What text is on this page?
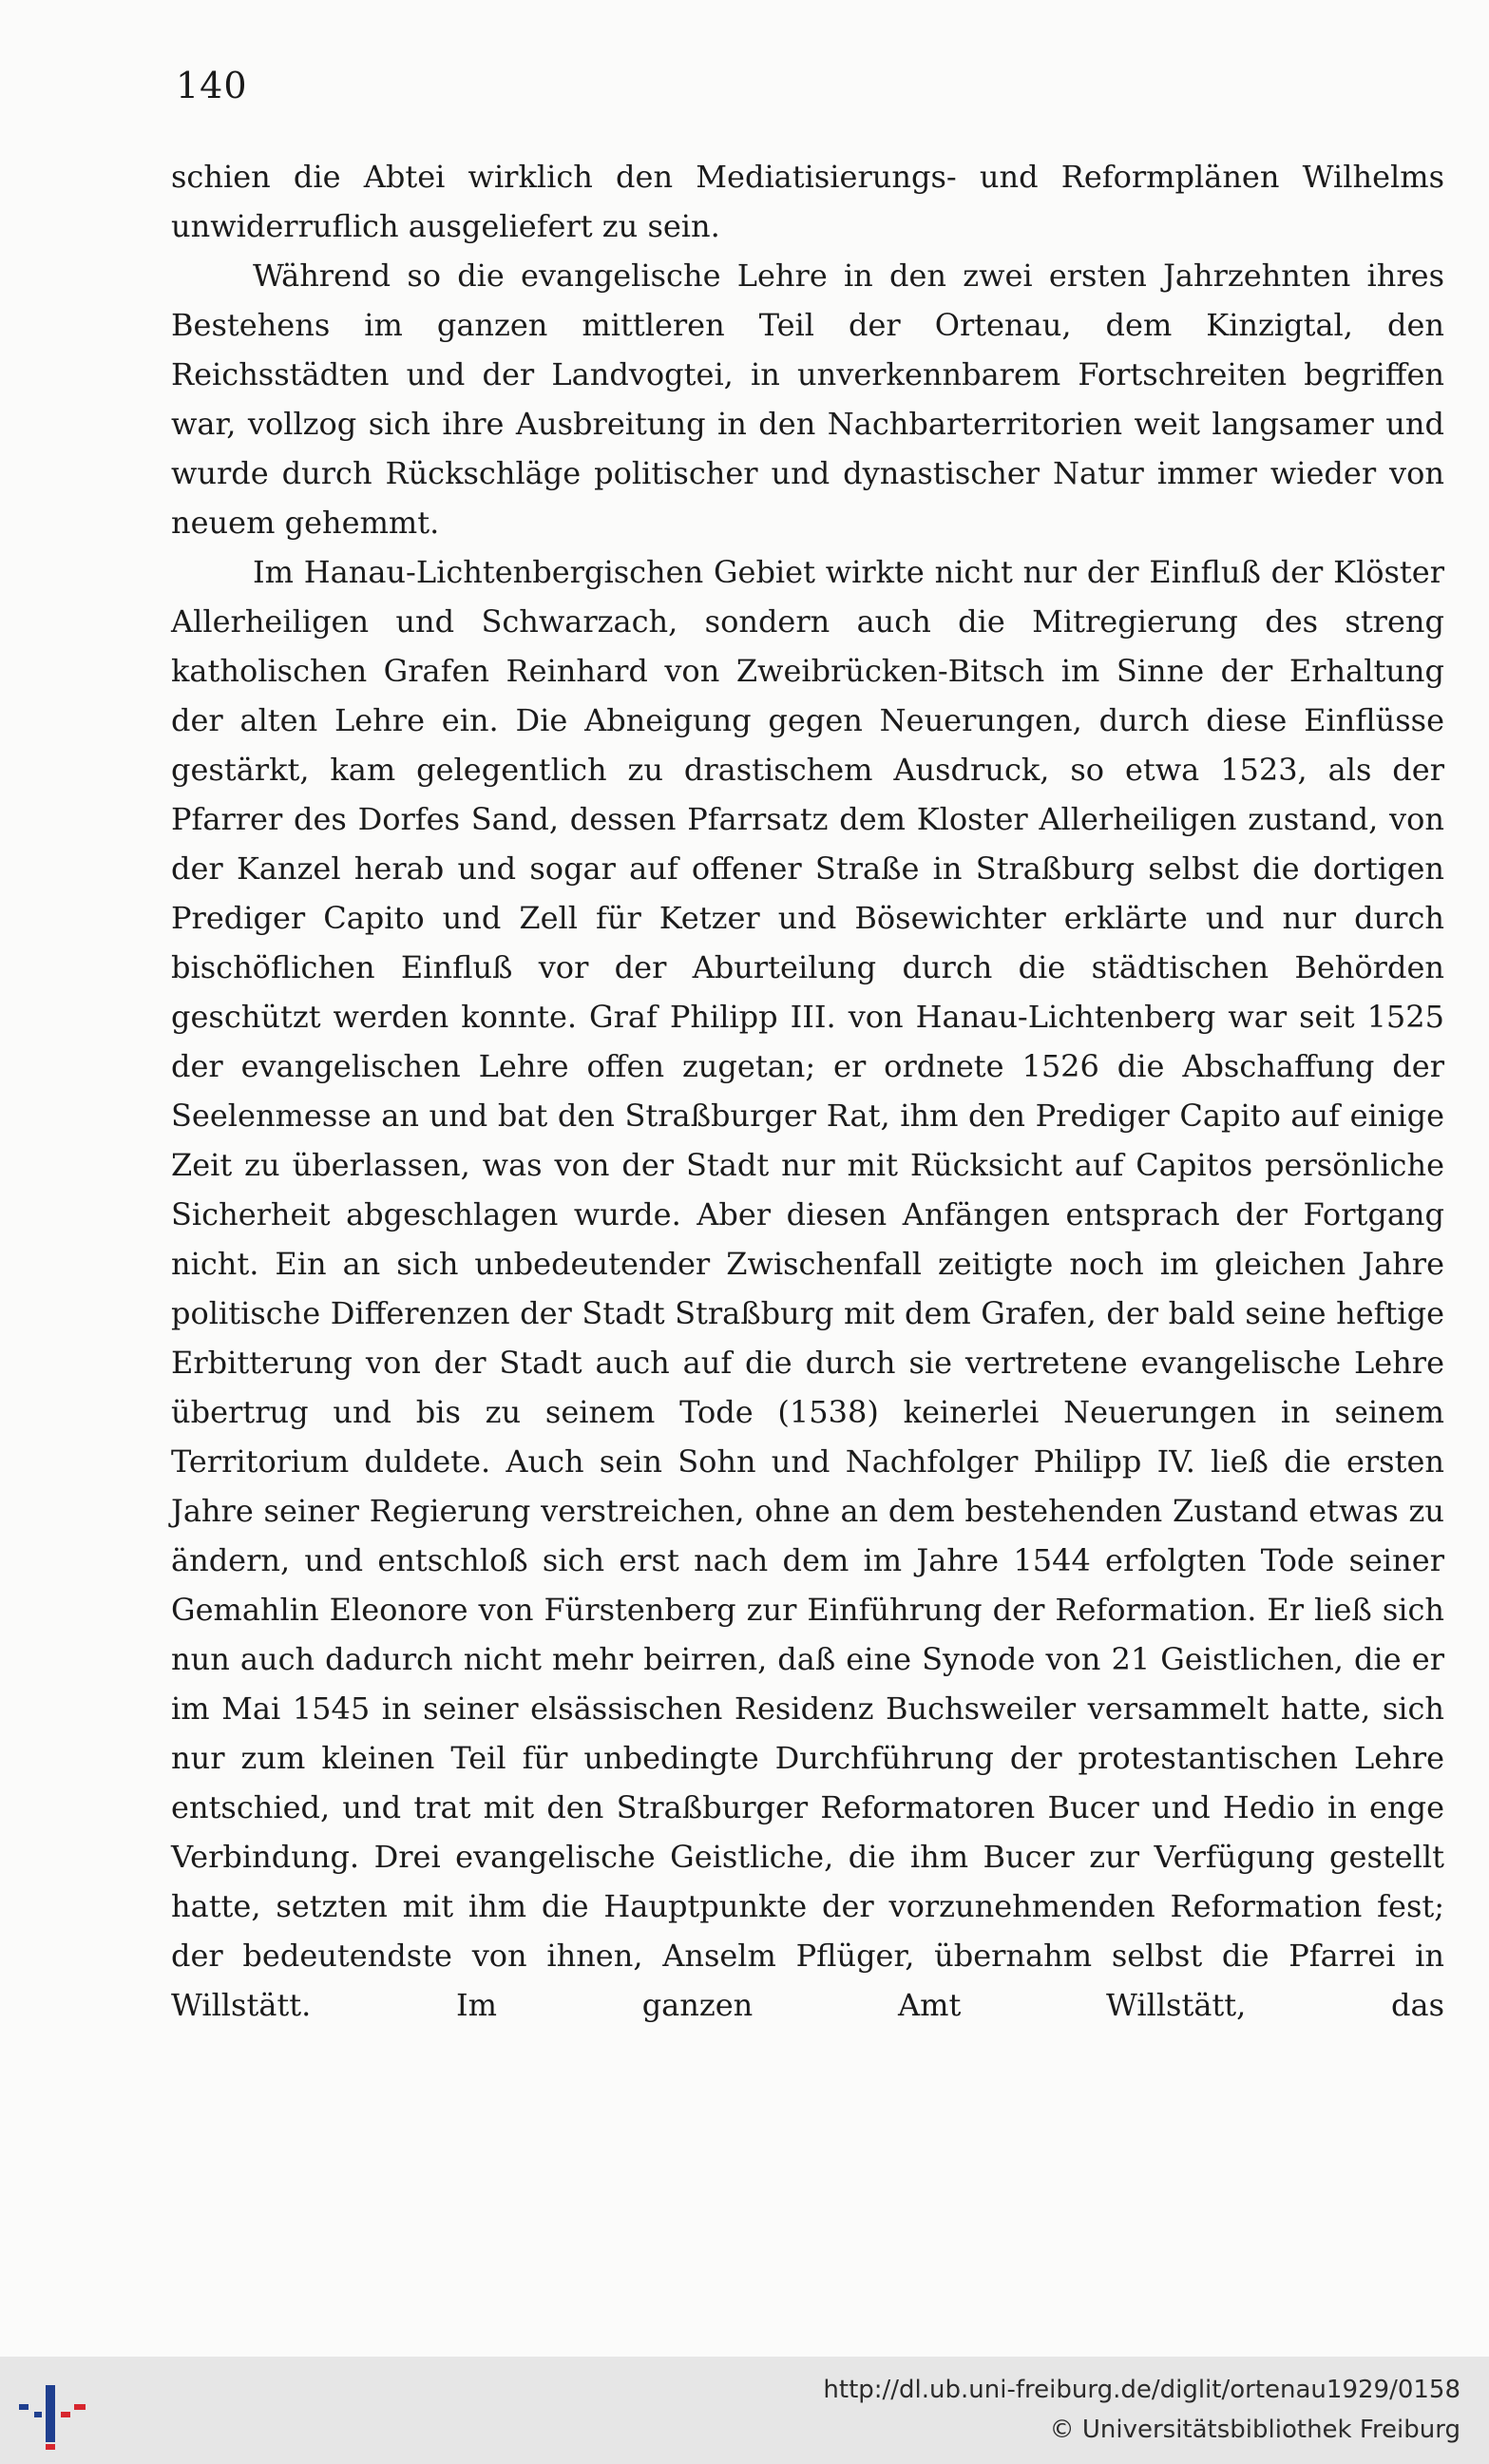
140

schien die Abtei wirklich den Mediatisierungs- und Reformplänen Wilhelms unwiderruflich ausgeliefert zu sein.

Während so die evangelische Lehre in den zwei ersten Jahrzehnten ihres Bestehens im ganzen mittleren Teil der Ortenau, dem Kinzigtal, den Reichsstädten und der Landvogtei, in unverkennbarem Fortschreiten begriffen war, vollzog sich ihre Ausbreitung in den Nachbarterritorien weit langsamer und wurde durch Rückschläge politischer und dynastischer Natur immer wieder von neuem gehemmt.

Im Hanau-Lichtenbergischen Gebiet wirkte nicht nur der Einfluß der Klöster Allerheiligen und Schwarzach, sondern auch die Mitregierung des streng katholischen Grafen Reinhard von Zweibrücken-Bitsch im Sinne der Erhaltung der alten Lehre ein. Die Abneigung gegen Neuerungen, durch diese Einflüsse gestärkt, kam gelegentlich zu drastischem Ausdruck, so etwa 1523, als der Pfarrer des Dorfes Sand, dessen Pfarrsatz dem Kloster Allerheiligen zustand, von der Kanzel herab und sogar auf offener Straße in Straßburg selbst die dortigen Prediger Capito und Zell für Ketzer und Bösewichter erklärte und nur durch bischöflichen Einfluß vor der Aburteilung durch die städtischen Behörden geschützt werden konnte. Graf Philipp III. von Hanau-Lichtenberg war seit 1525 der evangelischen Lehre offen zugetan; er ordnete 1526 die Abschaffung der Seelenmesse an und bat den Straßburger Rat, ihm den Prediger Capito auf einige Zeit zu überlassen, was von der Stadt nur mit Rücksicht auf Capitos persönliche Sicherheit abgeschlagen wurde. Aber diesen Anfängen entsprach der Fortgang nicht. Ein an sich unbedeutender Zwischenfall zeitigte noch im gleichen Jahre politische Differenzen der Stadt Straßburg mit dem Grafen, der bald seine heftige Erbitterung von der Stadt auch auf die durch sie vertretene evangelische Lehre übertrug und bis zu seinem Tode (1538) keinerlei Neuerungen in seinem Territorium duldete. Auch sein Sohn und Nachfolger Philipp IV. ließ die ersten Jahre seiner Regierung verstreichen, ohne an dem bestehenden Zustand etwas zu ändern, und entschloß sich erst nach dem im Jahre 1544 erfolgten Tode seiner Gemahlin Eleonore von Fürstenberg zur Einführung der Reformation. Er ließ sich nun auch dadurch nicht mehr beirren, daß eine Synode von 21 Geistlichen, die er im Mai 1545 in seiner elsässischen Residenz Buchsweiler versammelt hatte, sich nur zum kleinen Teil für unbedingte Durchführung der protestantischen Lehre entschied, und trat mit den Straßburger Reformatoren Bucer und Hedio in enge Verbindung. Drei evangelische Geistliche, die ihm Bucer zur Verfügung gestellt hatte, setzten mit ihm die Hauptpunkte der vorzunehmenden Reformation fest; der bedeutendste von ihnen, Anselm Pflüger, übernahm selbst die Pfarrei in Willstätt. Im ganzen Amt Willstätt, das

http://dl.ub.uni-freiburg.de/diglit/ortenau1929/0158
© Universitätsbibliothek Freiburg
